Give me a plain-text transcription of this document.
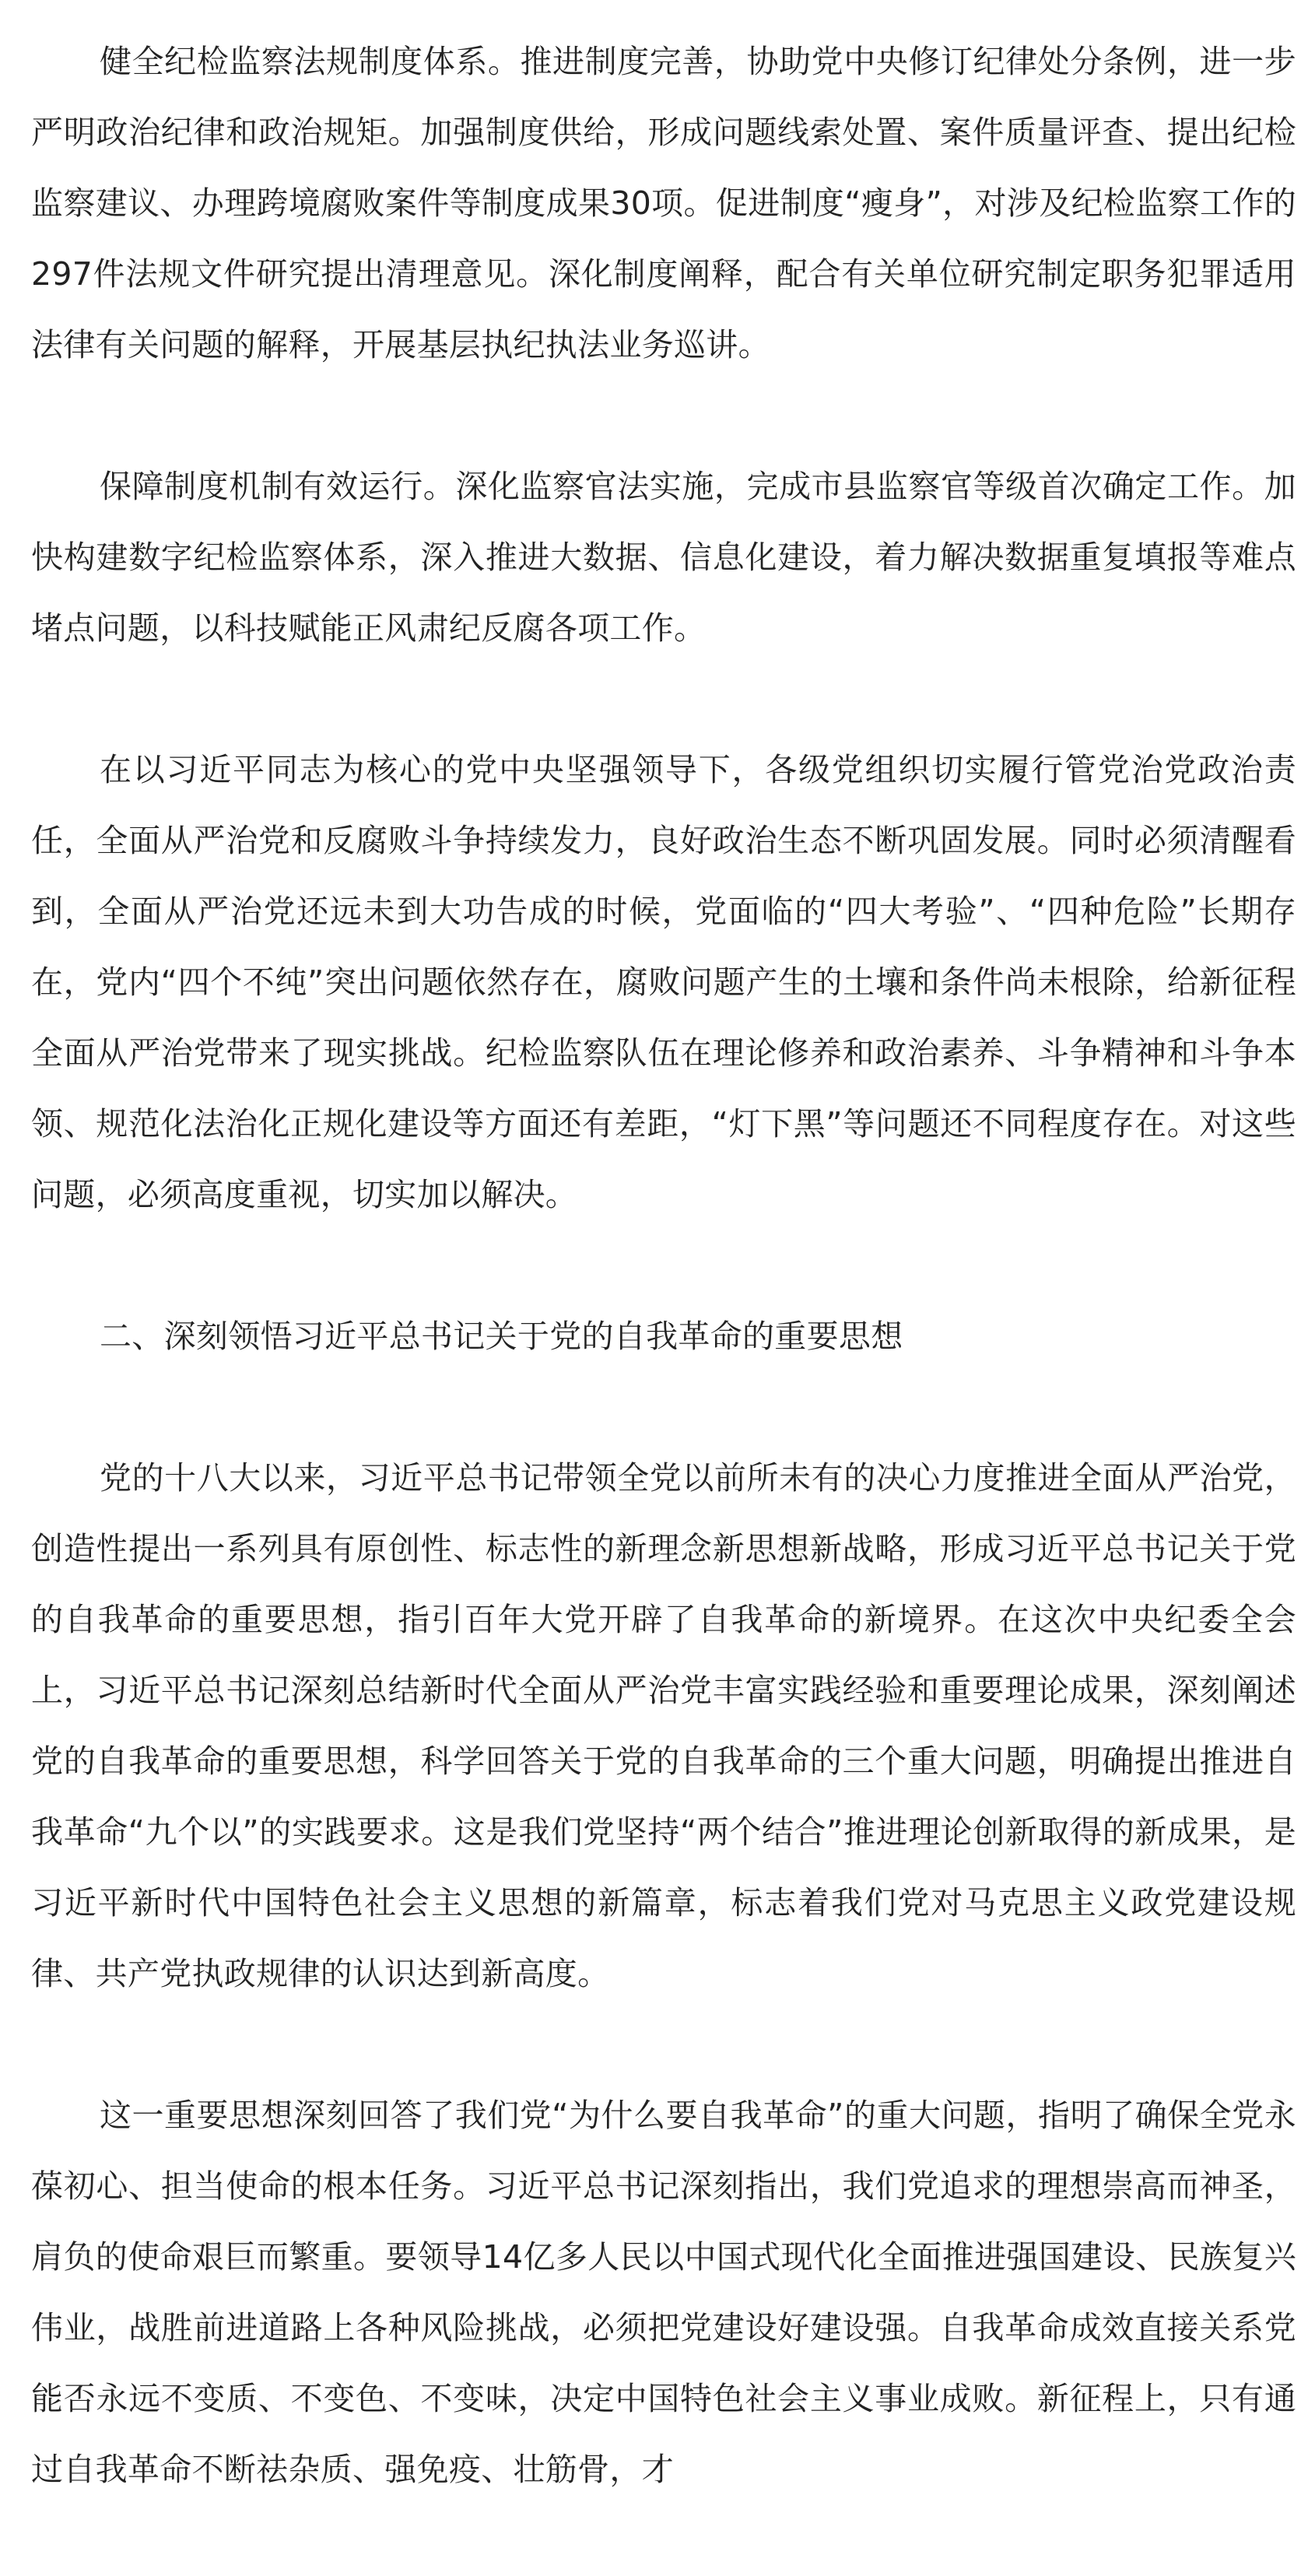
健全纪检监察法规制度体系。推进制度完善，协助党中央修订纪律处分条例，进一步严明政治纪律和政治规矩。加强制度供给，形成问题线索处置、案件质量评查、提出纪检监察建议、办理跨境腐败案件等制度成果30项。促进制度“瘦身”，对涉及纪检监察工作的297件法规文件研究提出清理意见。深化制度阐释，配合有关单位研究制定职务犯罪适用法律有关问题的解释，开展基层执纪执法业务巡讲。

保障制度机制有效运行。深化监察官法实施，完成市县监察官等级首次确定工作。加快构建数字纪检监察体系，深入推进大数据、信息化建设，着力解决数据重复填报等难点堵点问题，以科技赋能正风肃纪反腐各项工作。

在以习近平同志为核心的党中央坚强领导下，各级党组织切实履行管党治党政治责任，全面从严治党和反腐败斗争持续发力，良好政治生态不断巩固发展。同时必须清醒看到，全面从严治党还远未到大功告成的时候，党面临的“四大考验”、“四种危险”长期存在，党内“四个不纯”突出问题依然存在，腐败问题产生的土壤和条件尚未根除，给新征程全面从严治党带来了现实挑战。纪检监察队伍在理论修养和政治素养、斗争精神和斗争本领、规范化法治化正规化建设等方面还有差距，“灯下黑”等问题还不同程度存在。对这些问题，必须高度重视，切实加以解决。

二、深刻领悟习近平总书记关于党的自我革命的重要思想

党的十八大以来，习近平总书记带领全党以前所未有的决心力度推进全面从严治党，创造性提出一系列具有原创性、标志性的新理念新思想新战略，形成习近平总书记关于党的自我革命的重要思想，指引百年大党开辟了自我革命的新境界。在这次中央纪委全会上，习近平总书记深刻总结新时代全面从严治党丰富实践经验和重要理论成果，深刻阐述党的自我革命的重要思想，科学回答关于党的自我革命的三个重大问题，明确提出推进自我革命“九个以”的实践要求。这是我们党坚持“两个结合”推进理论创新取得的新成果，是习近平新时代中国特色社会主义思想的新篇章，标志着我们党对马克思主义政党建设规律、共产党执政规律的认识达到新高度。

这一重要思想深刻回答了我们党“为什么要自我革命”的重大问题，指明了确保全党永葆初心、担当使命的根本任务。习近平总书记深刻指出，我们党追求的理想崇高而神圣，肩负的使命艰巨而繁重。要领导14亿多人民以中国式现代化全面推进强国建设、民族复兴伟业，战胜前进道路上各种风险挑战，必须把党建设好建设强。自我革命成效直接关系党能否永远不变质、不变色、不变味，决定中国特色社会主义事业成败。新征程上，只有通过自我革命不断祛杂质、强免疫、壮筋骨，才
